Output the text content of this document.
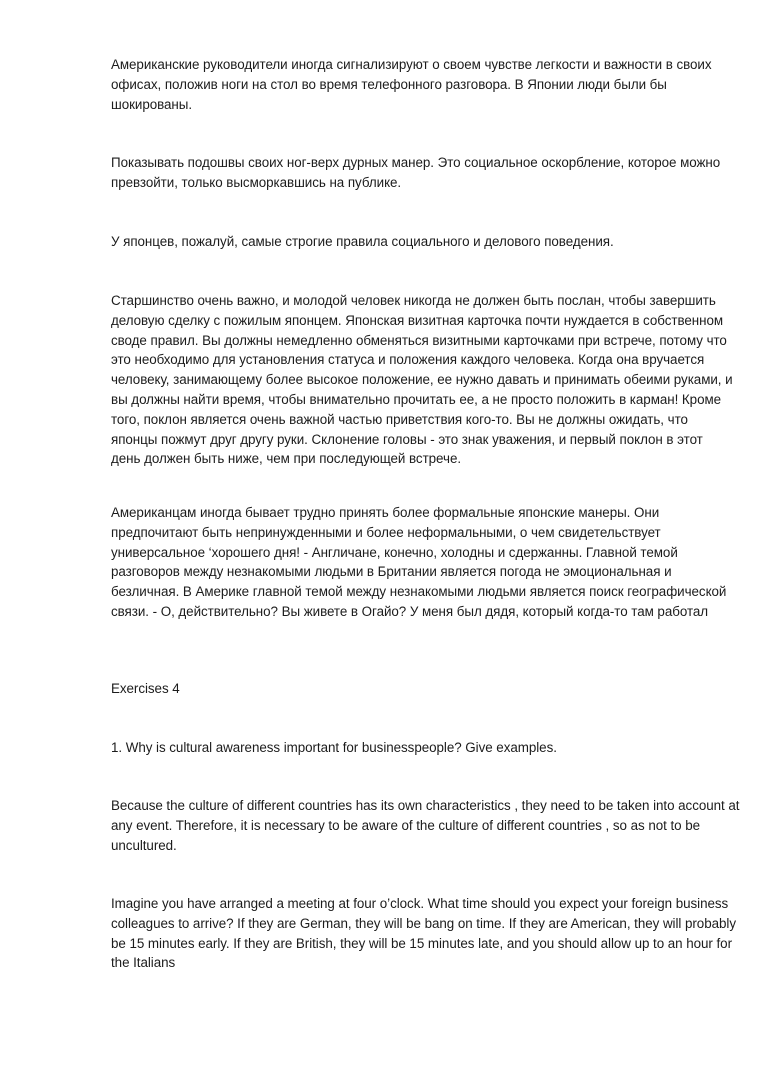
Американские руководители иногда сигнализируют о своем чувстве легкости и важности в своих офисах, положив ноги на стол во время телефонного разговора. В Японии люди были бы шокированы.

Показывать подошвы своих ног-верх дурных манер. Это социальное оскорбление, которое можно превзойти, только высморкавшись на публике.

У японцев, пожалуй, самые строгие правила социального и делового поведения.

Старшинство очень важно, и молодой человек никогда не должен быть послан, чтобы завершить деловую сделку с пожилым японцем. Японская визитная карточка почти нуждается в собственном своде правил. Вы должны немедленно обменяться визитными карточками при встрече, потому что это необходимо для установления статуса и положения каждого человека. Когда она вручается человеку, занимающему более высокое положение, ее нужно давать и принимать обеими руками, и вы должны найти время, чтобы внимательно прочитать ее, а не просто положить в карман! Кроме того, поклон является очень важной частью приветствия кого-то. Вы не должны ожидать, что японцы пожмут друг другу руки. Склонение головы - это знак уважения, и первый поклон в этот день должен быть ниже, чем при последующей встрече.

Американцам иногда бывает трудно принять более формальные японские манеры. Они предпочитают быть непринужденными и более неформальными, о чем свидетельствует универсальное ‘хорошего дня! - Англичане, конечно, холодны и сдержанны. Главной темой разговоров между незнакомыми людьми в Британии является погода не эмоциональная и безличная. В Америке главной темой между незнакомыми людьми является поиск географической связи. - О, действительно? Вы живете в Огайо? У меня был дядя, который когда-то там работал

Exercises 4

1. Why is cultural awareness important for businesspeople? Give examples.

Because the culture of different countries has its own characteristics , they need to be taken into account at any event. Therefore, it is necessary to be aware of the culture of different countries , so as not to be uncultured.

Imagine you have arranged a meeting at four o’clock. What time should you expect your foreign business colleagues to arrive? If they are German, they will be bang on time. If they are American, they will probably be 15 minutes early. If they are British, they will be 15 minutes late, and you should allow up to an hour for the Italians
